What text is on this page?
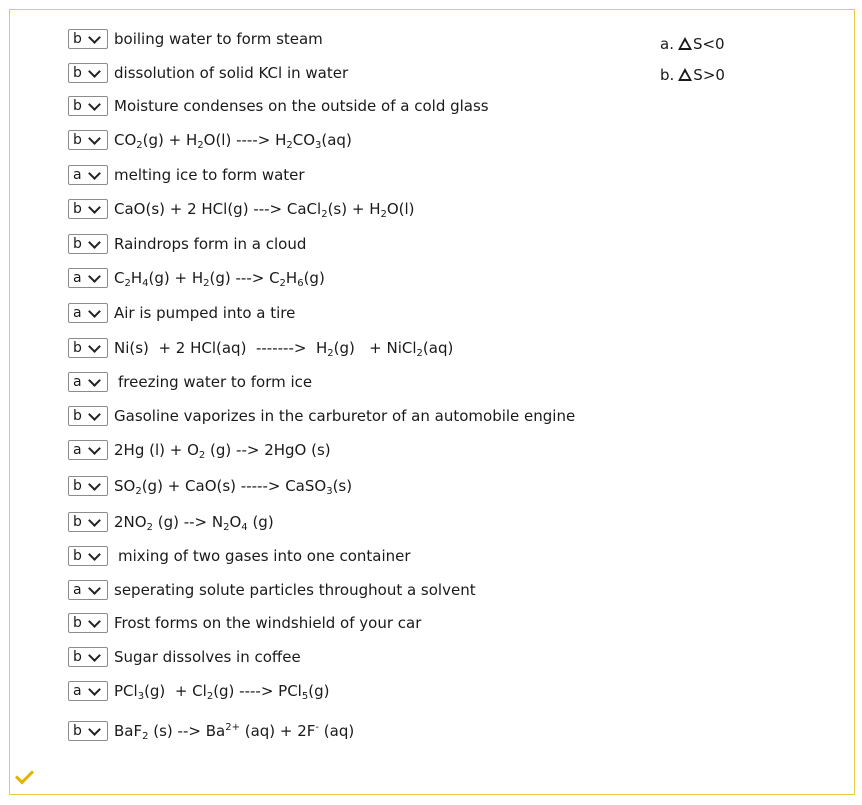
a. S<0
b. S>0
b	boiling water to form steam
b	dissolution of solid KCl in water
b	Moisture condenses on the outside of a cold glass
b	$CO_2(g) + H_2O(l)$ ----> $H_2CO_3(aq)$
a	melting ice to form water
b	CaO(s) + 2 HCl(g) ---> CaCl$_2$(s) + $H_2O(l)$
b	Raindrops form in a cloud
a	$C_2H_4(g) + H_2(g)$ ---> $C_2H_6(g)$
a	Air is pumped into a tire
b	Ni(s)  + 2 HCl(aq)  ------->  $H_2(g)$   + NiCl$_2$(aq)
a	freezing water to form ice
b	Gasoline vaporizes in the carburetor of an automobile engine
a	2Hg $(l) + O_2$ (g) --> 2HgO (s)
b	$SO_2(g) + CaO(s)$ -----> CaSO$_3$(s)
b	$2NO_2$ (g) --> $N_2O_4$ (g)
b	mixing of two gases into one container
a	seperating solute particles throughout a solvent
b	Frost forms on the windshield of your car
b	Sugar dissolves in coffee
a	$PCl_3(g) + Cl_2(g)$ ----> PCl$_5$(g)
b	BaF$_2$ (s) --> $Ba^{2+}$ (aq) + 2F- (aq)
